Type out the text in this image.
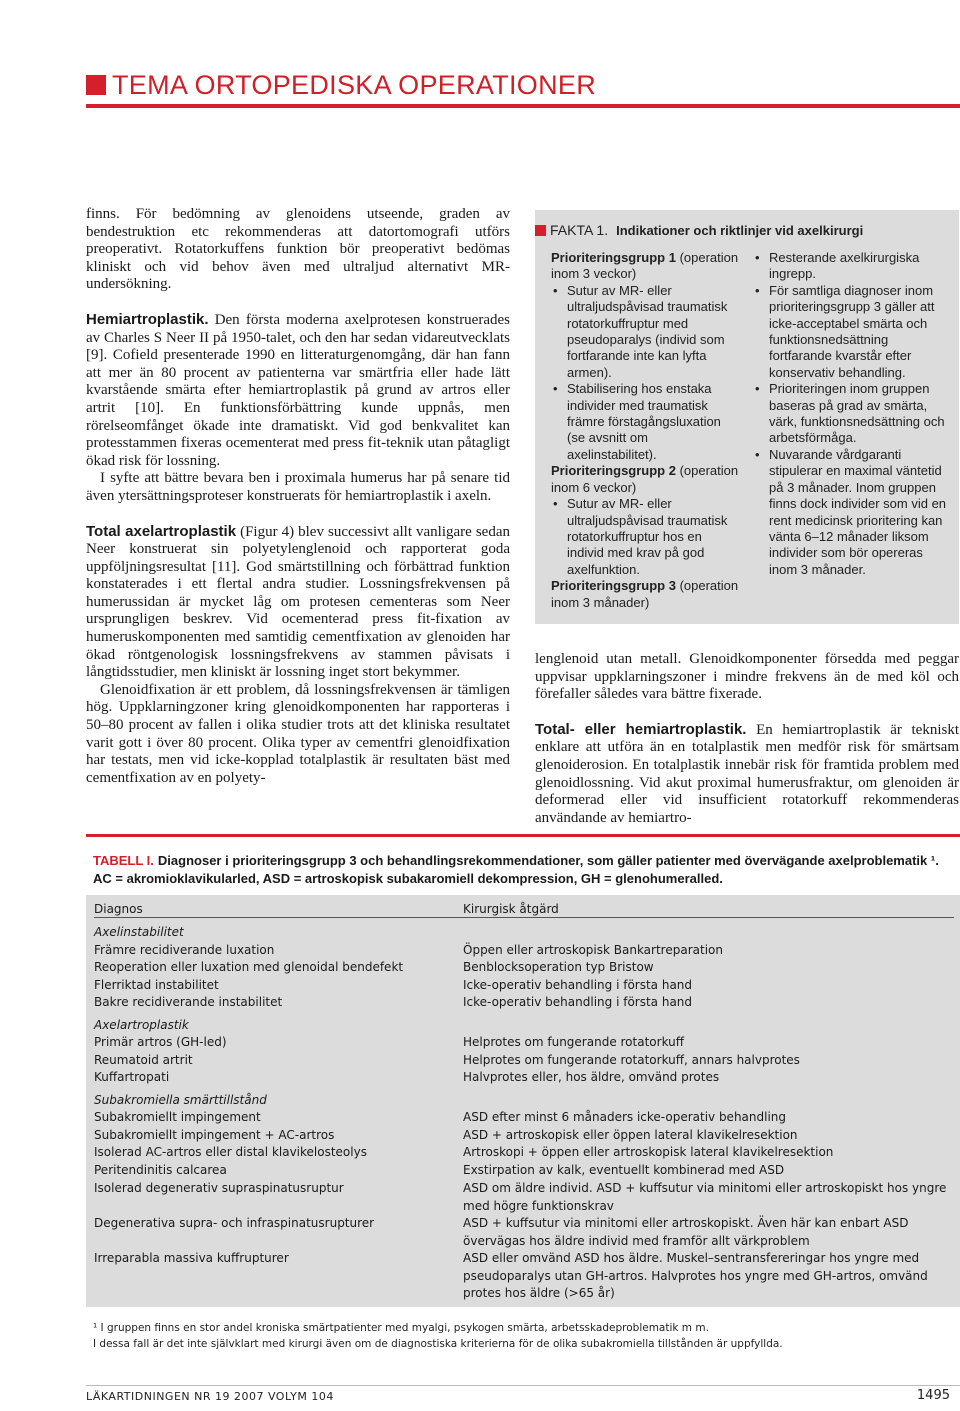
TEMA ORTOPEDISKA OPERATIONER

finns. För bedömning av glenoidens utseende, graden av bendestruktion etc rekommenderas att datortomografi utförs preoperativt. Rotatorkuffens funktion bör preoperativt bedömas kliniskt och vid behov även med ultraljud alternativt MR-undersökning.

Hemiartroplastik. Den första moderna axelprotesen konstruerades av Charles S Neer II på 1950-talet, och den har sedan vidareutvecklats [9]. Cofield presenterade 1990 en litteraturgenomgång, där han fann att mer än 80 procent av patienterna var smärtfria eller hade lätt kvarstående smärta efter hemiartroplastik på grund av artros eller artrit [10]. En funktionsförbättring kunde uppnås, men rörelseomfånget ökade inte dramatiskt. Vid god benkvalitet kan protesstammen fixeras ocementerat med press fit-teknik utan påtagligt ökad risk för lossning.

I syfte att bättre bevara ben i proximala humerus har på senare tid även ytersättningsproteser konstruerats för hemiartroplastik i axeln.

Total axelartroplastik (Figur 4) blev successivt allt vanligare sedan Neer konstruerat sin polyetylenglenoid och rapporterat goda uppföljningsresultat [11]. God smärtstillning och förbättrad funktion konstaterades i ett flertal andra studier. Lossningsfrekvensen på humerussidan är mycket låg om protesen cementeras som Neer ursprungligen beskrev. Vid ocementerad press fit-fixation av humeruskomponenten med samtidig cementfixation av glenoiden har ökad röntgenologisk lossningsfrekvens av stammen påvisats i långtidsstudier, men kliniskt är lossning inget stort bekymmer.

Glenoidfixation är ett problem, då lossningsfrekvensen är tämligen hög. Uppklarningzoner kring glenoidkomponenten har rapporteras i 50–80 procent av fallen i olika studier trots att det kliniska resultatet varit gott i över 80 procent. Olika typer av cementfri glenoidfixation har testats, men vid icke-kopplad totalplastik är resultaten bäst med cementfixation av en polyety-

FAKTA 1. Indikationer och riktlinjer vid axelkirurgi
Prioriteringsgrupp 1 (operation inom 3 veckor)
• Sutur av MR- eller ultraljudspåvisad traumatisk rotatorkuffruptur med pseudoparalys (individ som fortfarande inte kan lyfta armen).
• Stabilisering hos enstaka individer med traumatisk främre förstagångsluxation (se avsnitt om axelinstabilitet).
Prioriteringsgrupp 2 (operation inom 6 veckor)
• Sutur av MR- eller ultraljudspåvisad traumatisk rotatorkuffruptur hos en individ med krav på god axelfunktion.
Prioriteringsgrupp 3 (operation inom 3 månader)
• Resterande axelkirurgiska ingrepp.
• För samtliga diagnoser inom prioriteringsgrupp 3 gäller att icke-acceptabel smärta och funktionsnedsättning fortfarande kvarstår efter konservativ behandling.
• Prioriteringen inom gruppen baseras på grad av smärta, värk, funktionsnedsättning och arbetsförmåga.
• Nuvarande vårdgaranti stipulerar en maximal väntetid på 3 månader. Inom gruppen finns dock individer som vid en rent medicinsk prioritering kan vänta 6–12 månader liksom individer som bör opereras inom 3 månader.

lenglenoid utan metall. Glenoidkomponenter försedda med peggar uppvisar uppklarningszoner i mindre frekvens än de med köl och förefaller således vara bättre fixerade.

Total- eller hemiartroplastik. En hemiartroplastik är tekniskt enklare att utföra än en totalplastik men medför risk för smärtsam glenoiderosion. En totalplastik innebär risk för framtida problem med glenoidlossning. Vid akut proximal humerusfraktur, om glenoiden är deformerad eller vid insufficient rotatorkuff rekommenderas användande av hemiartro-

TABELL I. Diagnoser i prioriteringsgrupp 3 och behandlingsrekommendationer, som gäller patienter med övervägande axelproblematik ¹.
AC = akromioklavikularled, ASD = artroskopisk subakaromiell dekompression, GH = glenohumeralled.
Diagnos	Kirurgisk åtgärd
Axelinstabilitet
Främre recidiverande luxation	Öppen eller artroskopisk Bankartreparation
Reoperation eller luxation med glenoidal bendefekt	Benblocksoperation typ Bristow
Flerriktad instabilitet	Icke-operativ behandling i första hand
Bakre recidiverande instabilitet	Icke-operativ behandling i första hand
Axelartroplastik
Primär artros (GH-led)	Helprotes om fungerande rotatorkuff
Reumatoid artrit	Helprotes om fungerande rotatorkuff, annars halvprotes
Kuffartropati	Halvprotes eller, hos äldre, omvänd protes
Subakromiella smärttillstånd
Subakromiellt impingement	ASD efter minst 6 månaders icke-operativ behandling
Subakromiellt impingement + AC-artros	ASD + artroskopisk eller öppen lateral klavikelresektion
Isolerad AC-artros eller distal klavikelosteolys	Artroskopi + öppen eller artroskopisk lateral klavikelresektion
Peritendinitis calcarea	Exstirpation av kalk, eventuellt kombinerad med ASD
Isolerad degenerativ supraspinatusruptur	ASD om äldre individ. ASD + kuffsutur via minitomi eller artroskopiskt hos yngre med högre funktionskrav
Degenerativa supra- och infraspinatusrupturer	ASD + kuffsutur via minitomi eller artroskopiskt. Även här kan enbart ASD övervägas hos äldre individ med framför allt värkproblem
Irreparabla massiva kuffrupturer	ASD eller omvänd ASD hos äldre. Muskel–sentransfereringar hos yngre med pseudoparalys utan GH-artros. Halvprotes hos yngre med GH-artros, omvänd protes hos äldre (>65 år)
¹ I gruppen finns en stor andel kroniska smärtpatienter med myalgi, psykogen smärta, arbetsskadeproblematik m m.
I dessa fall är det inte självklart med kirurgi även om de diagnostiska kriterierna för de olika subakromiella tillstånden är uppfyllda.
LÄKARTIDNINGEN NR 19 2007 VOLYM 104	1495
